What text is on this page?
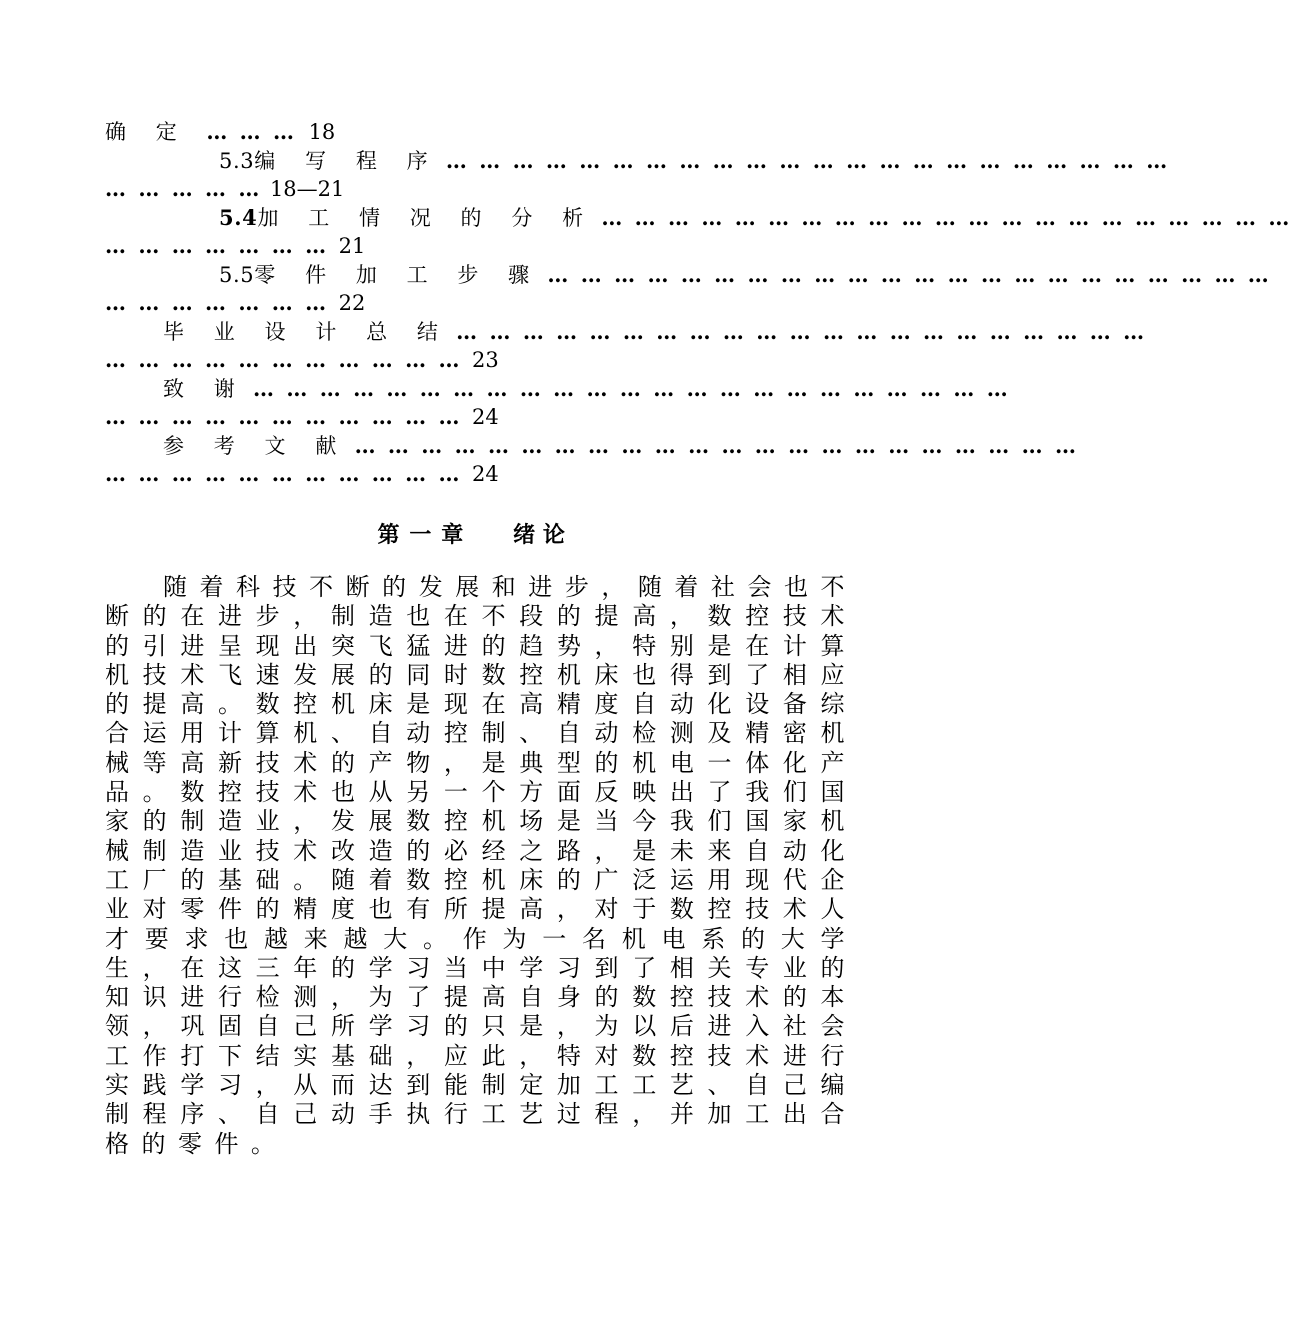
确 定 … … … 18
5.3编 写 程 序 … … … … … … … … … … … … … … … … … … … … … …
… … … … … 18—21
5.4加 工 情 况 的 分 析 … … … … … … … … … … … … … … … … … … … … …
… … … … … … … 21
5.5零 件 加 工 步 骤 … … … … … … … … … … … … … … … … … … … … … …
… … … … … … … 22
毕 业 设 计 总 结 … … … … … … … … … … … … … … … … … … … … …
… … … … … … … … … … … 23
致 谢 … … … … … … … … … … … … … … … … … … … … … … …
… … … … … … … … … … … 24
参 考 文 献 … … … … … … … … … … … … … … … … … … … … … …
… … … … … … … … … … … 24
第一章 绪论
随着科技不断的发展和进步，随着社会也不断的在进步，制造也在不段的提高，数控技术的引进呈现出突飞猛进的趋势，特别是在计算机技术飞速发展的同时数控机床也得到了相应的提高。数控机床是现在高精度自动化设备综合运用计算机、自动控制、自动检测及精密机械等高新技术的产物，是典型的机电一体化产品。数控技术也从另一个方面反映出了我们国家的制造业，发展数控机场是当今我们国家机械制造业技术改造的必经之路，是未来自动化工厂的基础。随着数控机床的广泛运用现代企业对零件的精度也有所提高，对于数控技术人才要求也越来越大。作为一名机电系的大学生，在这三年的学习当中学习到了相关专业的知识进行检测，为了提高自身的数控技术的本领，巩固自己所学习的只是，为以后进入社会工作打下结实基础，应此，特对数控技术进行实践学习，从而达到能制定加工工艺、自己编制程序、自己动手执行工艺过程，并加工出合格的零件。
